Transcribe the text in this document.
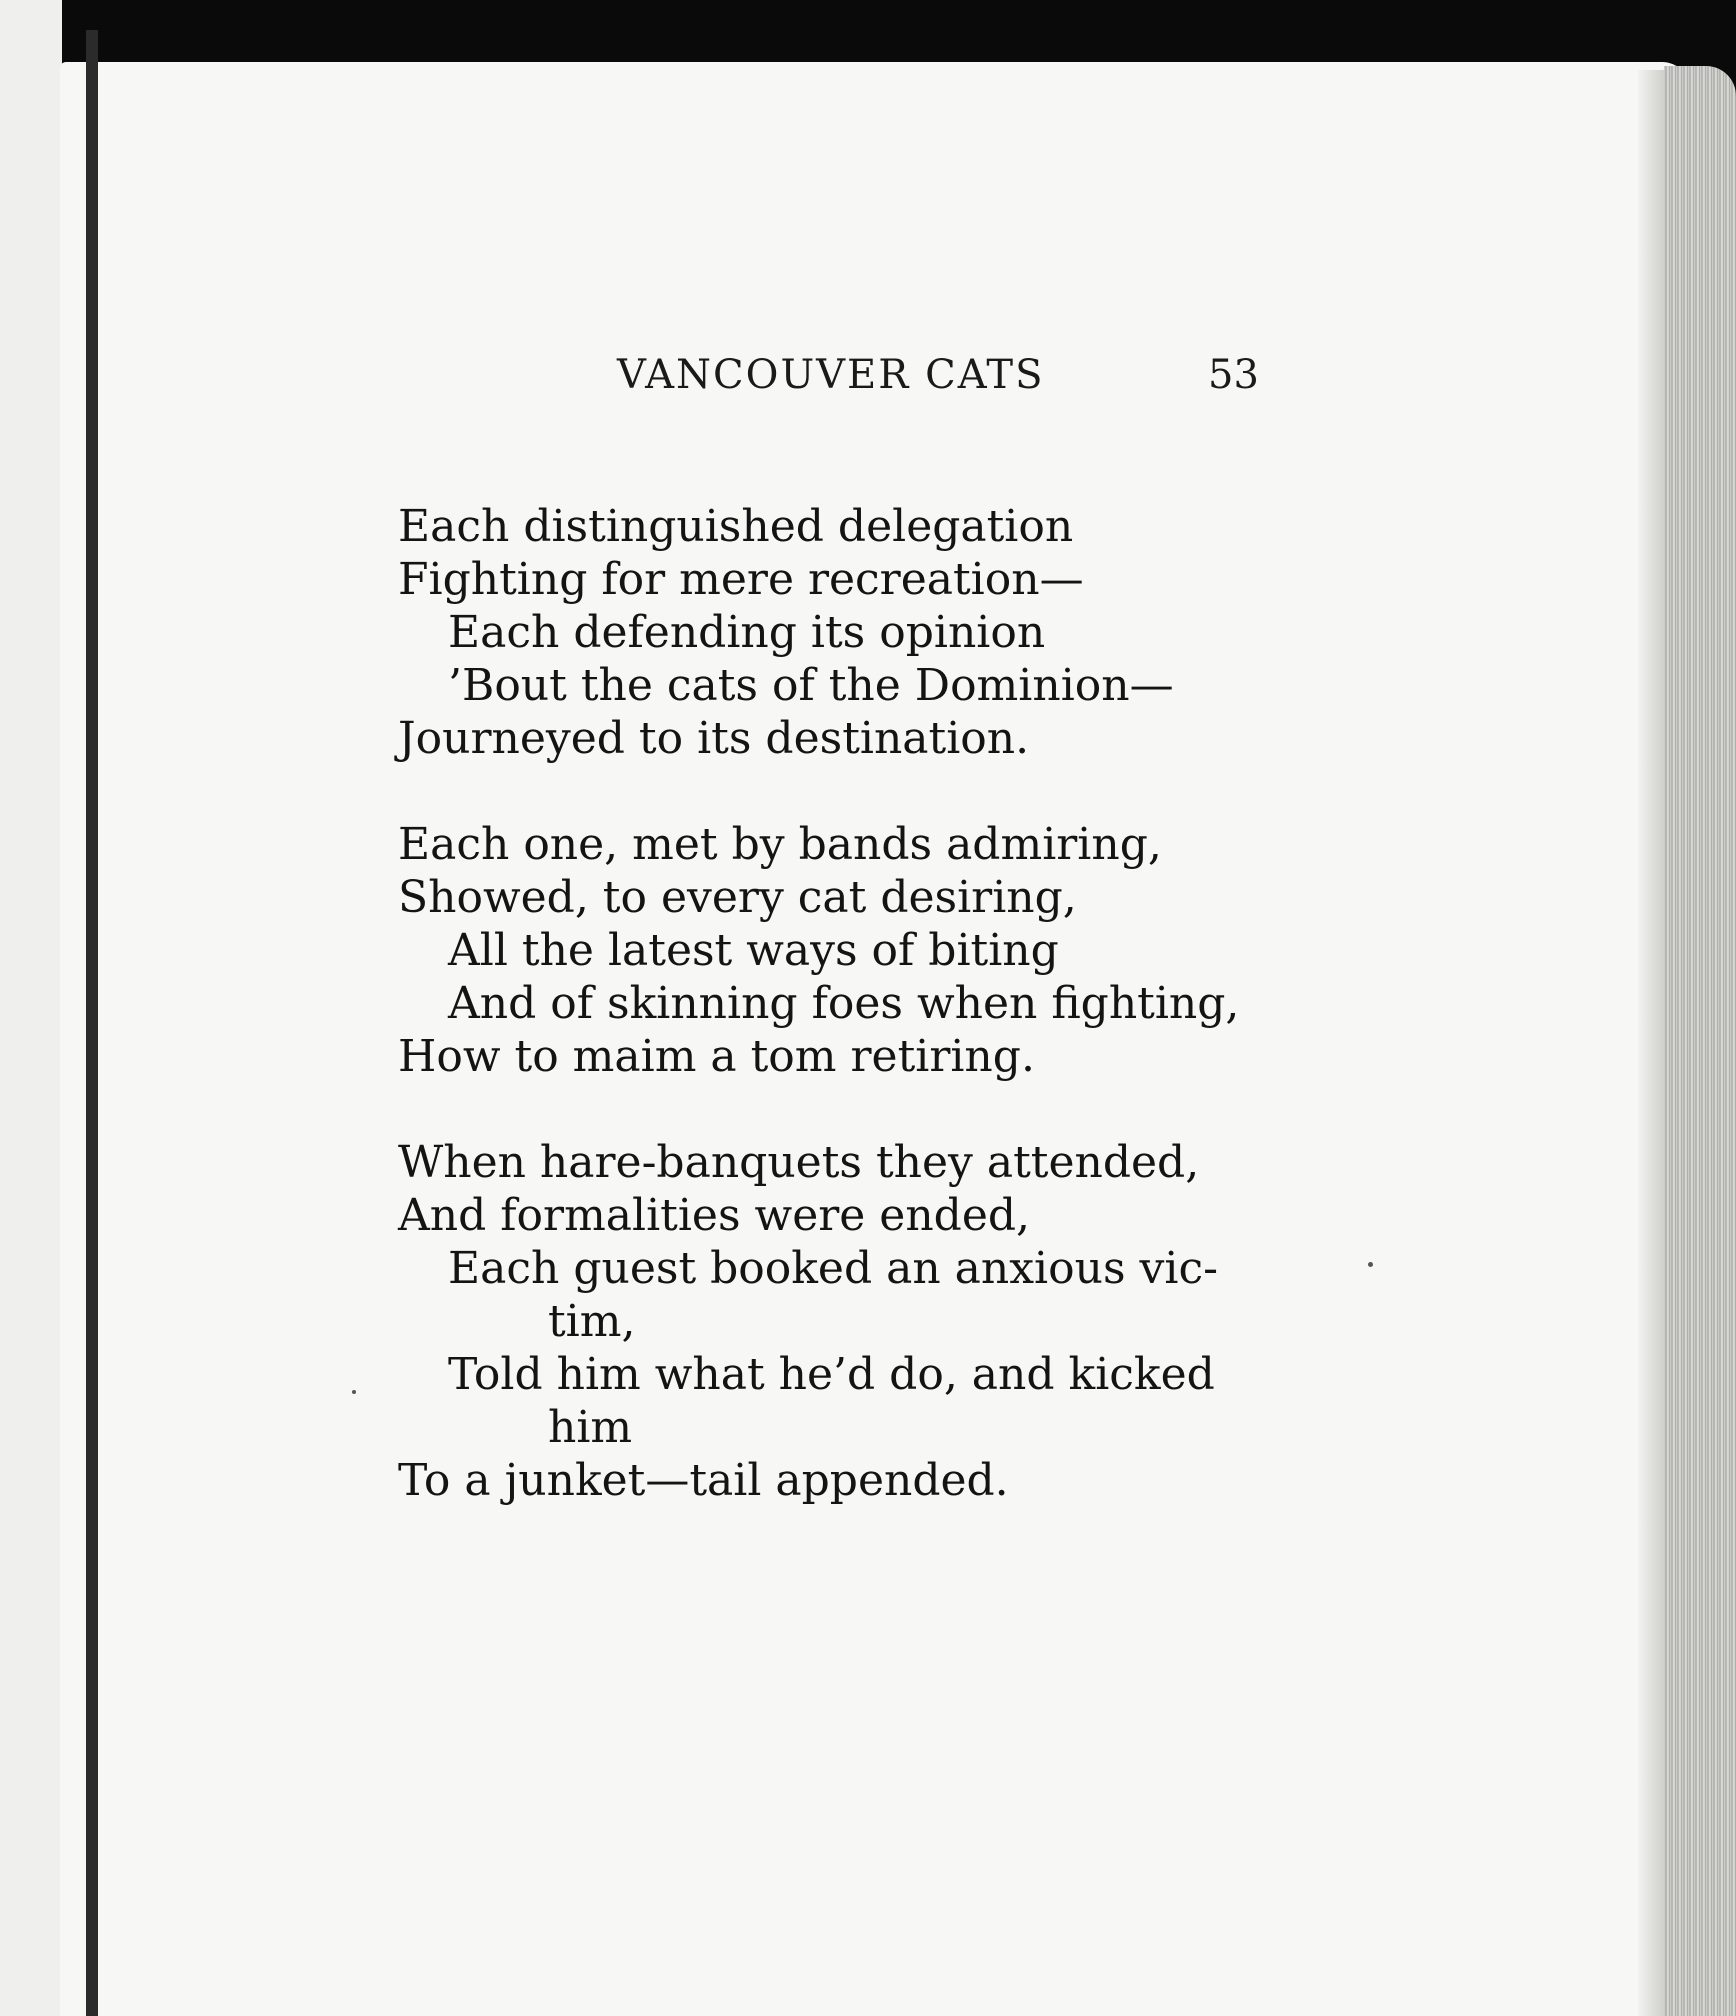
VANCOUVER CATS	53
Each distinguished delegation
Fighting for mere recreation—
Each defending its opinion
’Bout the cats of the Dominion—
Journeyed to its destination.
Each one, met by bands admiring,
Showed, to every cat desiring,
All the latest ways of biting
And of skinning foes when fighting,
How to maim a tom retiring.
When hare-banquets they attended,
And formalities were ended,
Each guest booked an anxious vic-
tim,
Told him what he’d do, and kicked
him
To a junket—tail appended.
